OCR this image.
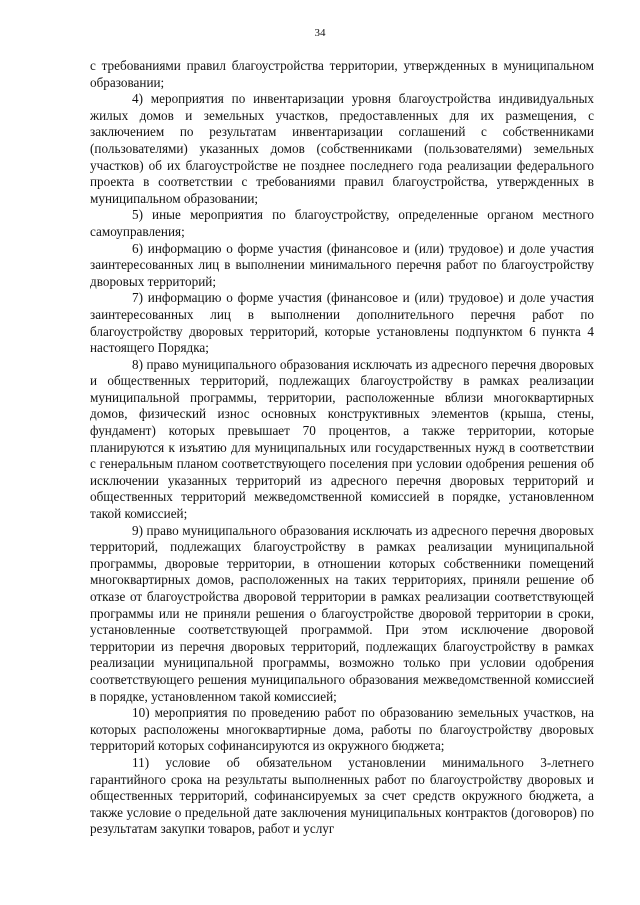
34

с требованиями правил благоустройства территории, утвержденных в муниципальном образовании;

4) мероприятия по инвентаризации уровня благоустройства индивидуальных жилых домов и земельных участков, предоставленных для их размещения, с заключением по результатам инвентаризации соглашений с собственниками (пользователями) указанных домов (собственниками (пользователями) земельных участков) об их благоустройстве не позднее последнего года реализации федерального проекта в соответствии с требованиями правил благоустройства, утвержденных в муниципальном образовании;

5) иные мероприятия по благоустройству, определенные органом местного самоуправления;

6) информацию о форме участия (финансовое и (или) трудовое) и доле участия заинтересованных лиц в выполнении минимального перечня работ по благоустройству дворовых территорий;

7) информацию о форме участия (финансовое и (или) трудовое) и доле участия заинтересованных лиц в выполнении дополнительного перечня работ по благоустройству дворовых территорий, которые установлены подпунктом 6 пункта 4 настоящего Порядка;

8) право муниципального образования исключать из адресного перечня дворовых и общественных территорий, подлежащих благоустройству в рамках реализации муниципальной программы, территории, расположенные вблизи многоквартирных домов, физический износ основных конструктивных элементов (крыша, стены, фундамент) которых превышает 70 процентов, а также территории, которые планируются к изъятию для муниципальных или государственных нужд в соответствии с генеральным планом соответствующего поселения при условии одобрения решения об исключении указанных территорий из адресного перечня дворовых территорий и общественных территорий межведомственной комиссией в порядке, установленном такой комиссией;

9) право муниципального образования исключать из адресного перечня дворовых территорий, подлежащих благоустройству в рамках реализации муниципальной программы, дворовые территории, в отношении которых собственники помещений многоквартирных домов, расположенных на таких территориях, приняли решение об отказе от благоустройства дворовой территории в рамках реализации соответствующей программы или не приняли решения о благоустройстве дворовой территории в сроки, установленные соответствующей программой. При этом исключение дворовой территории из перечня дворовых территорий, подлежащих благоустройству в рамках реализации муниципальной программы, возможно только при условии одобрения соответствующего решения муниципального образования межведомственной комиссией в порядке, установленном такой комиссией;

10) мероприятия по проведению работ по образованию земельных участков, на которых расположены многоквартирные дома, работы по благоустройству дворовых территорий которых софинансируются из окружного бюджета;

11) условие об обязательном установлении минимального 3-летнего гарантийного срока на результаты выполненных работ по благоустройству дворовых и общественных территорий, софинансируемых за счет средств окружного бюджета, а также условие о предельной дате заключения муниципальных контрактов (договоров) по результатам закупки товаров, работ и услуг
